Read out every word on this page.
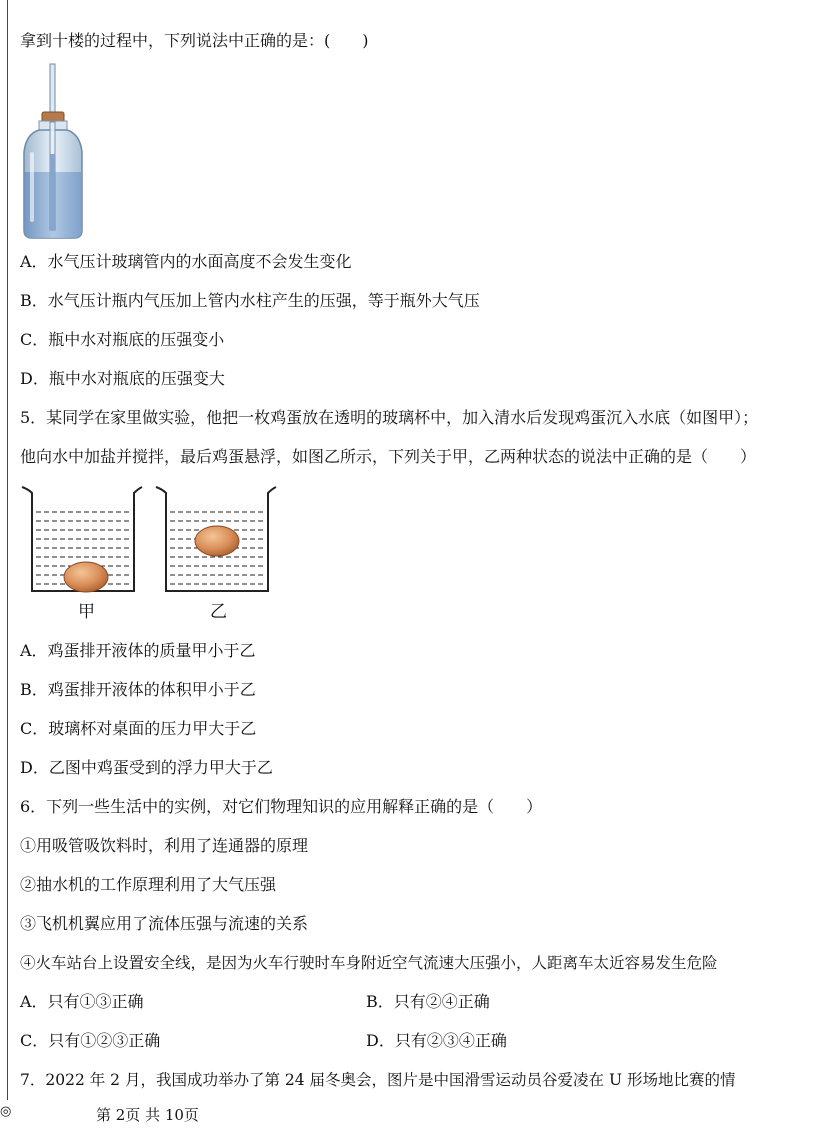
拿到十楼的过程中，下列说法中正确的是：(　　)
A．水气压计玻璃管内的水面高度不会发生变化
B．水气压计瓶内气压加上管内水柱产生的压强，等于瓶外大气压
C．瓶中水对瓶底的压强变小
D．瓶中水对瓶底的压强变大
5．某同学在家里做实验，他把一枚鸡蛋放在透明的玻璃杯中，加入清水后发现鸡蛋沉入水底（如图甲）；
他向水中加盐并搅拌，最后鸡蛋悬浮，如图乙所示，下列关于甲，乙两种状态的说法中正确的是（　　）
甲	乙
A．鸡蛋排开液体的质量甲小于乙
B．鸡蛋排开液体的体积甲小于乙
C．玻璃杯对桌面的压力甲大于乙
D．乙图中鸡蛋受到的浮力甲大于乙
6．下列一些生活中的实例，对它们物理知识的应用解释正确的是（　　）
①用吸管吸饮料时，利用了连通器的原理
②抽水机的工作原理利用了大气压强
③飞机机翼应用了流体压强与流速的关系
④火车站台上设置安全线，是因为火车行驶时车身附近空气流速大压强小，人距离车太近容易发生危险
A．只有①③正确	B．只有②④正确
C．只有①②③正确	D．只有②③④正确
7．2022 年 2 月，我国成功举办了第 24 届冬奥会，图片是中国滑雪运动员谷爱凌在 U 形场地比赛的情
◎	第 2页 共 10页
